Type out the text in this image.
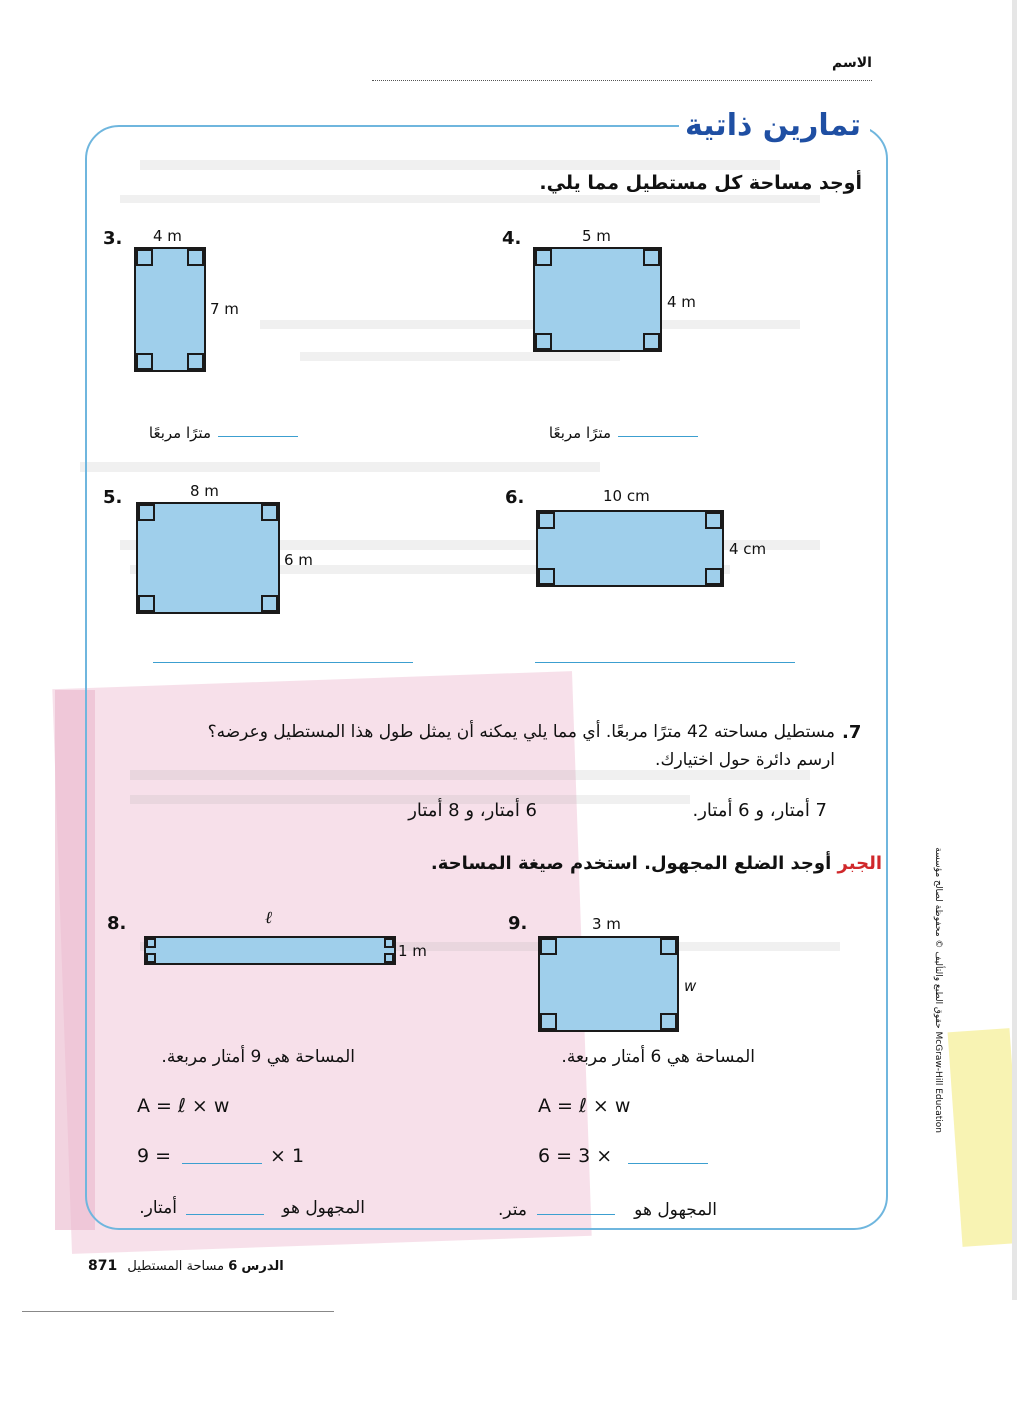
الاسم
تمارين ذاتية
أوجد مساحة كل مستطيل مما يلي.
3. 4 m
7 m
مترًا مربعًا
4.	5 m
4 m
مترًا مربعًا
5.	8 m
6 m
6.	10 cm
4 cm
7.
مستطيل مساحته 42 مترًا مربعًا. أي مما يلي يمكنه أن يمثل طول هذا المستطيل وعرضه؟
ارسم دائرة حول اختيارك.
7 أمتار، و 6 أمتار.
6 أمتار، و 8 أمتار
الجبر أوجد الضلع المجهول. استخدم صيغة المساحة.
8.	ℓ
1 m
المساحة هي 9 أمتار مربعة.
A = ℓ × w
9 =	× 1
المجهول هو
أمتار.
9.	3 m
w
المساحة هي 6 أمتار مربعة.
A = ℓ × w
6 = 3 ×
المجهول هو
متر.
McGraw-Hill Education حقوق الطبع والتأليف © محفوظة لصالح مؤسسة
871	الدرس 6 مساحة المستطيل
